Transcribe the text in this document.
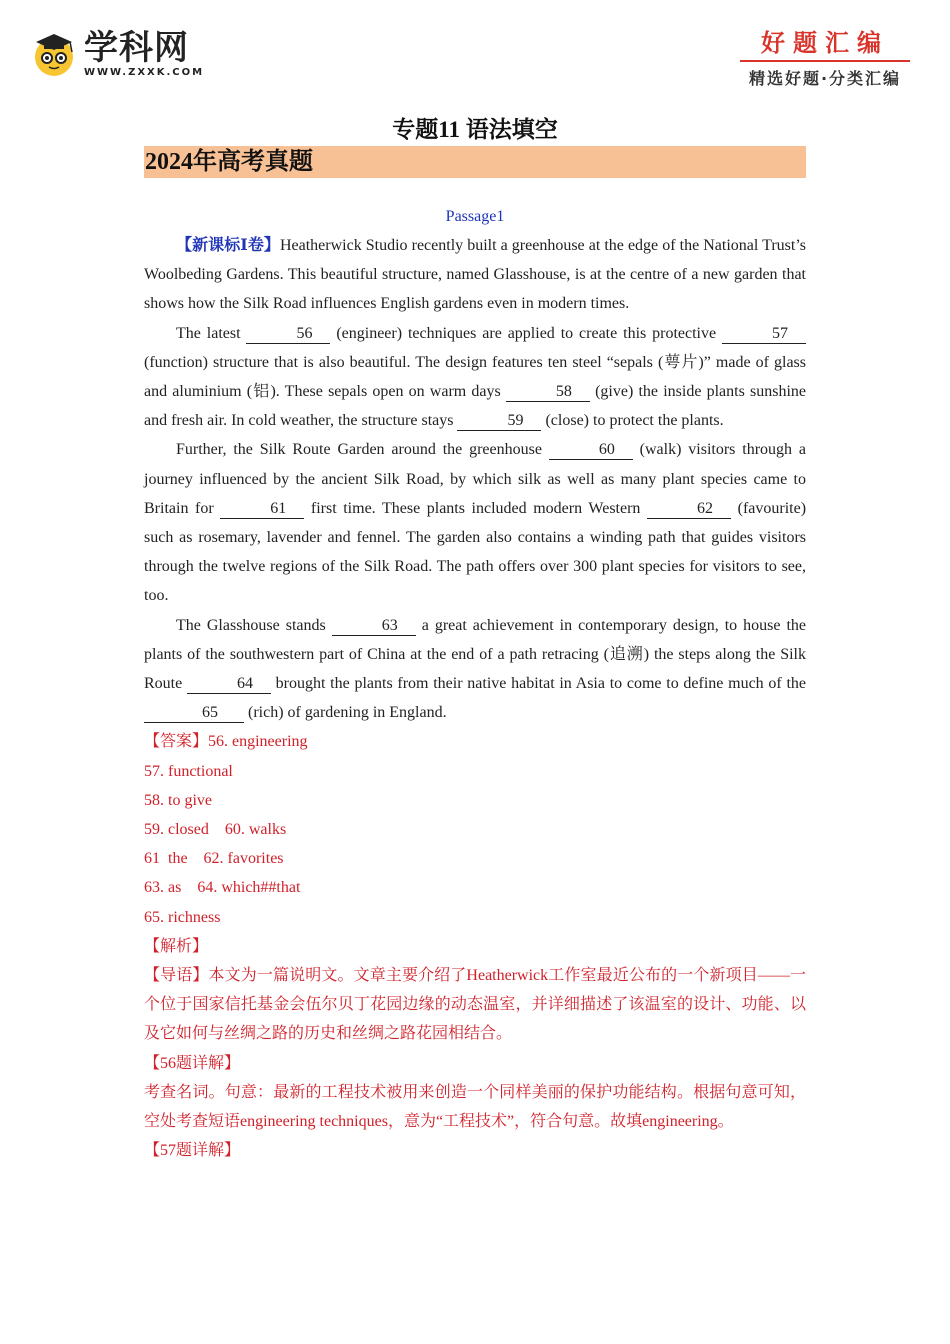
学科网
WWW.ZXXK.COM
好题汇编
精选好题·分类汇编
专题11 语法填空
2024年高考真题
Passage1

【新课标Ⅰ卷】Heatherwick Studio recently built a greenhouse at the edge of the National Trust’s Woolbeding Gardens. This beautiful structure, named Glasshouse, is at the centre of a new garden that shows how the Silk Road influences English gardens even in modern times.

The latest	56 (engineer) techniques are applied to create this protective	57 (function) structure that is also beautiful. The design features ten steel “sepals (萼片)” made of glass and aluminium (铝). These sepals open on warm days	58 (give) the inside plants sunshine and fresh air. In cold weather, the structure stays	59 (close) to protect the plants.

Further, the Silk Route Garden around the greenhouse	60 (walk) visitors through a journey influenced by the ancient Silk Road, by which silk as well as many plant species came to Britain for	61 first time. These plants included modern Western	62 (favourite) such as rosemary, lavender and fennel. The garden also contains a winding path that guides visitors through the twelve regions of the Silk Road. The path offers over 300 plant species for visitors to see, too.

The Glasshouse stands	63 a great achievement in contemporary design, to house the plants of the southwestern part of China at the end of a path retracing (追溯) the steps along the Silk Route	64 brought the plants from their native habitat in Asia to come to define much of the 65 (rich) of gardening in England.

【答案】56. engineering

57. functional

58. to give

59. closed    60. walks

61  the    62. favorites

63. as    64. which##that

65. richness

【解析】

【导语】本文为一篇说明文。文章主要介绍了Heatherwick工作室最近公布的一个新项目——一个位于国家信托基金会伍尔贝丁花园边缘的动态温室，并详细描述了该温室的设计、功能、以及它如何与丝绸之路的历史和丝绸之路花园相结合。

【56题详解】

考查名词。句意：最新的工程技术被用来创造一个同样美丽的保护功能结构。根据句意可知，空处考查短语engineering techniques，意为“工程技术”，符合句意。故填engineering。

【57题详解】
